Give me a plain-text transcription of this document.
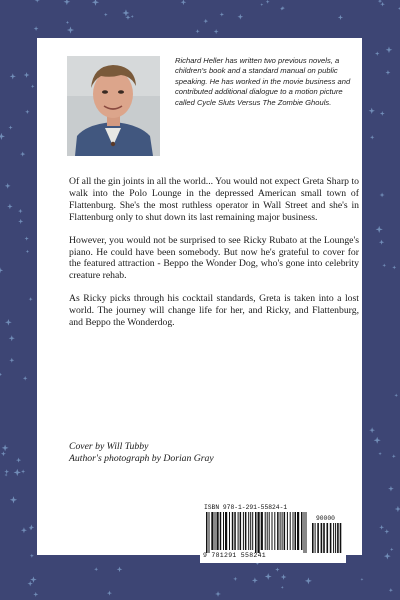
Richard Heller has written two previous novels, a children's book and a standard manual on public speaking. He has worked in the movie business and contributed additional dialogue to a motion picture called Cycle Sluts Versus The Zombie Ghouls.

Of all the gin joints in all the world... You would not expect Greta Sharp to walk into the Polo Lounge in the depressed American small town of Flattenburg. She's the most ruthless operator in Wall Street and she's in Flattenburg only to shut down its last remaining major business.

However, you would not be surprised to see Ricky Rubato at the Lounge's piano. He could have been somebody. But now he's grateful to cover for the featured attraction - Beppo the Wonder Dog, who's gone into celebrity creature rehab.

As Ricky picks through his cocktail standards, Greta is taken into a lost world. The journey will change life for her, and Ricky, and Flattenburg, and Beppo the Wonderdog.

Cover by Will Tubby
Author's photograph by Dorian Gray
ISBN 978-1-291-55824-1
90000
9 781291 558241
